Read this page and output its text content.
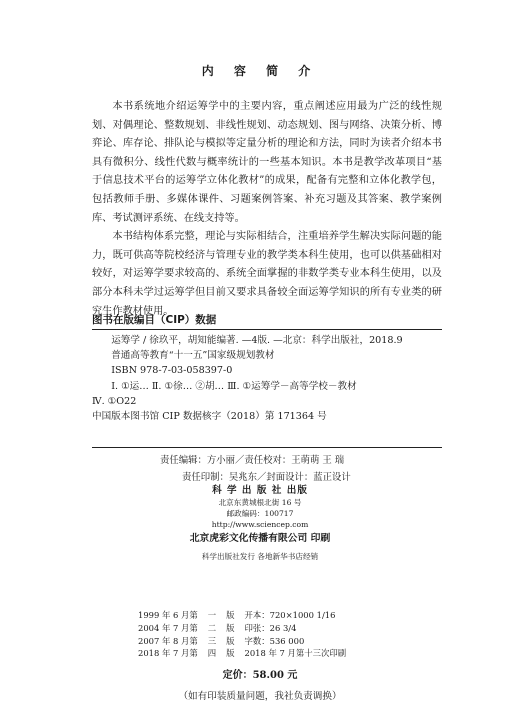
内 容 简 介

本书系统地介绍运筹学中的主要内容，重点阐述应用最为广泛的线性规划、对偶理论、整数规划、非线性规划、动态规划、图与网络、决策分析、博弈论、库存论、排队论与模拟等定量分析的理论和方法，同时为读者介绍本书具有微积分、线性代数与概率统计的一些基本知识。本书是教学改革项目“基于信息技术平台的运筹学立体化教材”的成果，配备有完整和立体化教学包，包括教师手册、多媒体课件、习题案例答案、补充习题及其答案、教学案例库、考试测评系统、在线支持等。

本书结构体系完整，理论与实际相结合，注重培养学生解决实际问题的能力，既可供高等院校经济与管理专业的教学类本科生使用，也可以供基础相对较好，对运筹学要求较高的、系统全面掌握的非数学类专业本科生使用，以及部分本科未学过运筹学但目前又要求具备较全面运筹学知识的所有专业类的研究生作教材使用。

图书在版编目（CIP）数据
运筹学 / 徐玖平，胡知能编著. —4版. —北京：科学出版社，2018.9
普通高等教育“十一五”国家级规划教材
ISBN 978-7-03-058397-0
Ⅰ. ①运… Ⅱ. ①徐… ②胡… Ⅲ. ①运筹学－高等学校－教材
Ⅳ. ①O22
中国版本图书馆 CIP 数据核字（2018）第 171364 号
责任编辑：方小丽／责任校对：王萌萌 王 瑞
责任印制：吴兆东／封面设计：蓝正设计
科 学 出 版 社 出版
北京东黄城根北街 16 号
邮政编码：100717
http://www.sciencep.com
北京虎彩文化传播有限公司 印刷
科学出版社发行 各地新华书店经销
1999 年 6 月第	一	版	开本：720×1000 1/16
2004 年 7 月第	二	版	印张：26 3/4
2007 年 8 月第	三	版	字数：536 000
2018 年 7 月第	四	版	2018 年 7 月第十三次印刷
定价：58.00 元
（如有印装质量问题，我社负责调换）
